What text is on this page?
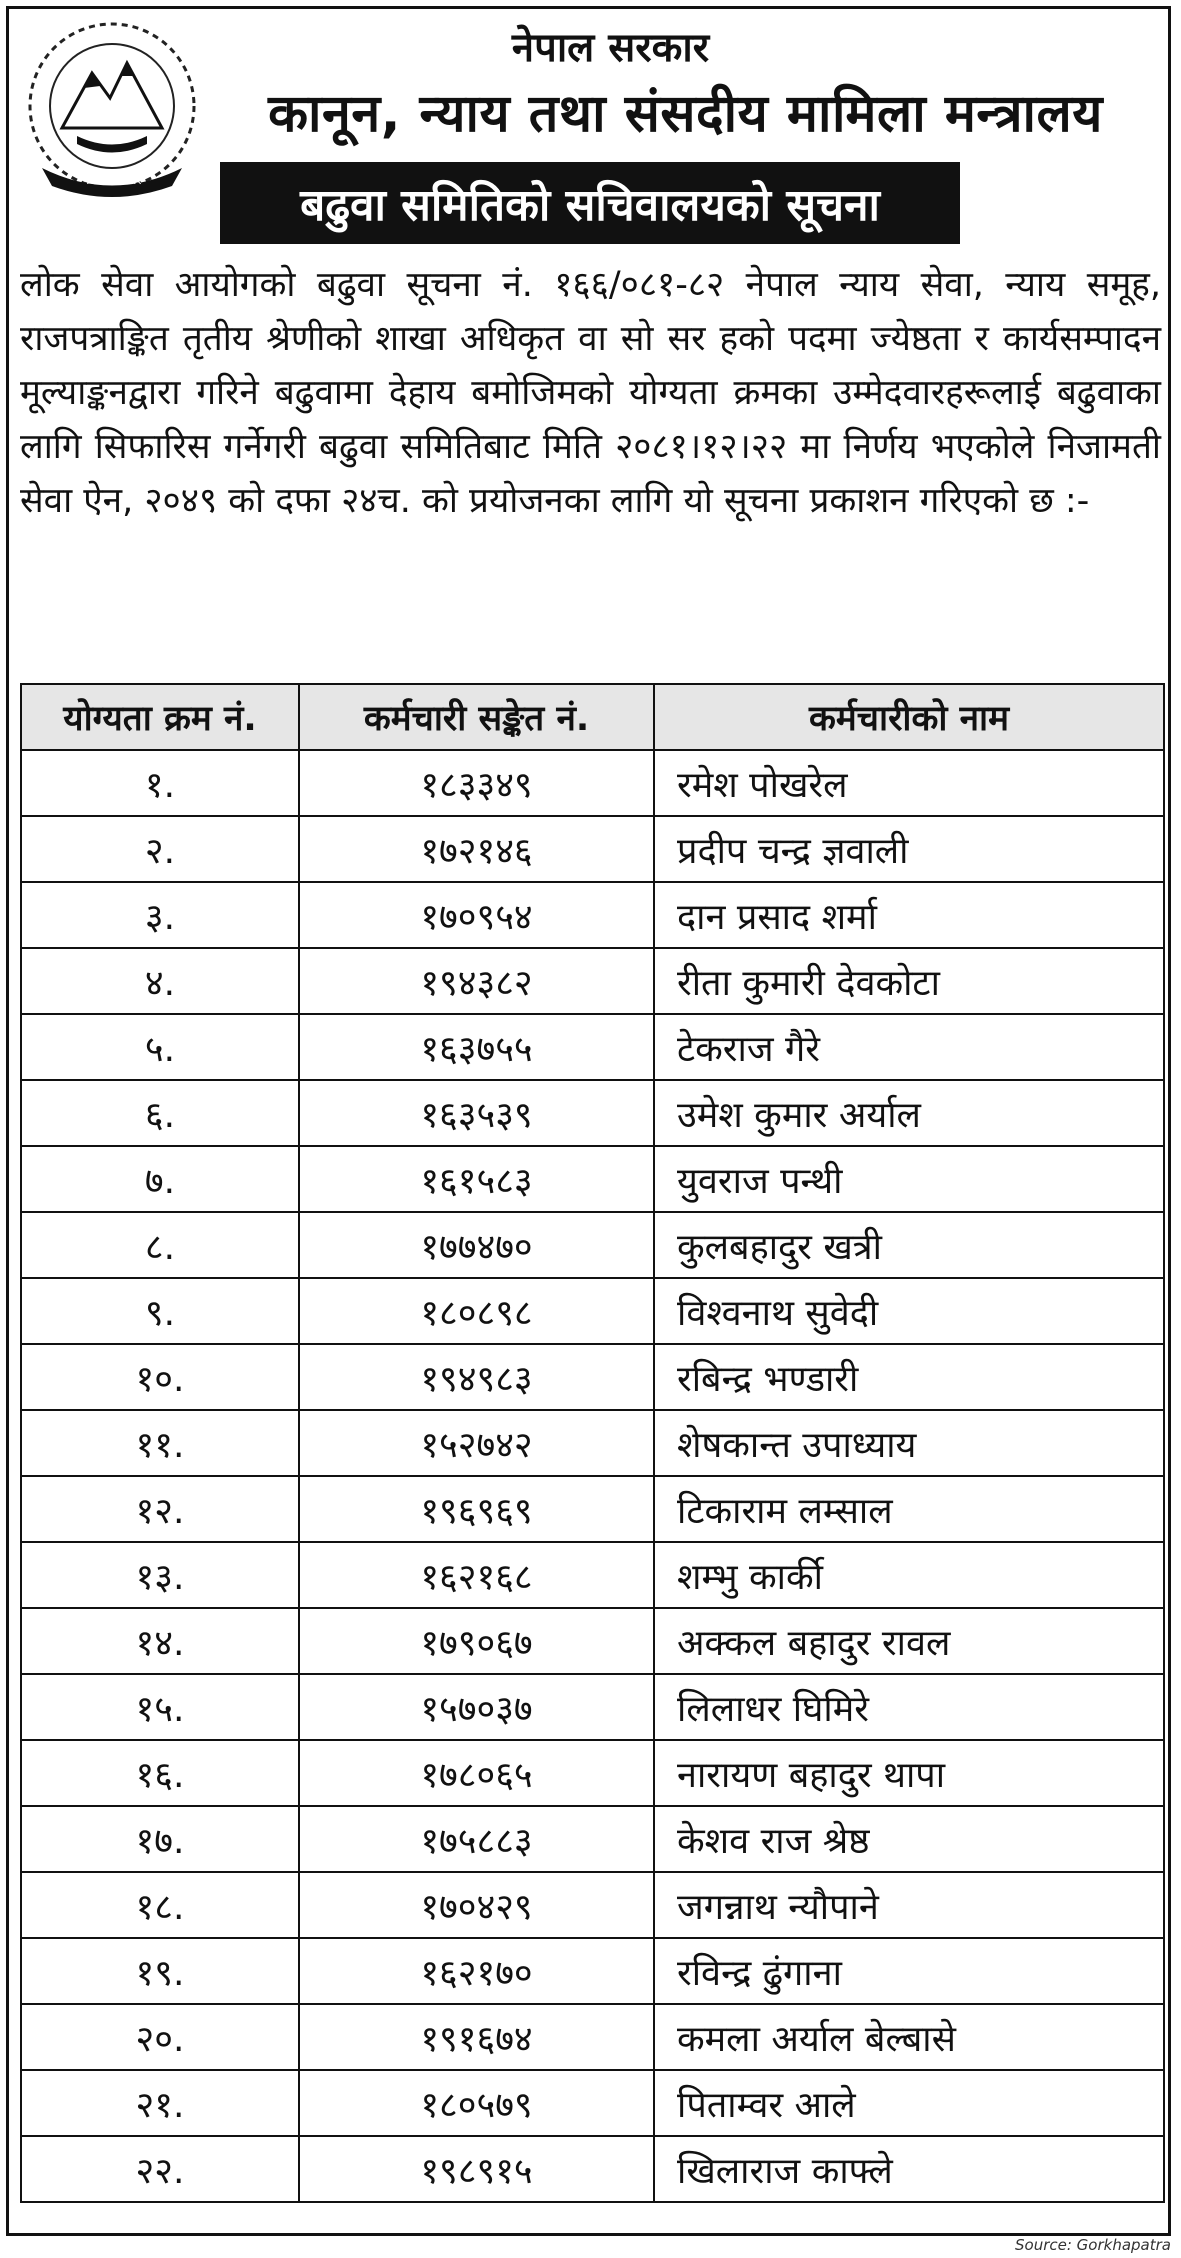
नेपाल सरकार
नेपाल सरकार
कानून, न्याय तथा संसदीय मामिला मन्त्रालय
बढुवा समितिको सचिवालयको सूचना
लोक सेवा आयोगको बढुवा सूचना नं. १६६/०८१-८२ नेपाल न्याय सेवा, न्याय समूह, राजपत्राङ्कित तृतीय श्रेणीको शाखा अधिकृत वा सो सर हको पदमा ज्येष्ठता र कार्यसम्पादन मूल्याङ्कनद्वारा गरिने बढुवामा देहाय बमोजिमको योग्यता क्रमका उम्मेदवारहरूलाई बढुवाका लागि सिफारिस गर्नेगरी बढुवा समितिबाट मिति २०८१।१२।२२ मा निर्णय भएकोले निजामती सेवा ऐन, २०४९ को दफा २४च. को प्रयोजनका लागि यो सूचना प्रकाशन गरिएको छ :-
योग्यता क्रम नं.	कर्मचारी सङ्केत नं.	कर्मचारीको नाम
१.	१८३३४९	रमेश पोखरेल
२.	१७२१४६	प्रदीप चन्द्र ज्ञवाली
३.	१७०९५४	दान प्रसाद शर्मा
४.	१९४३८२	रीता कुमारी देवकोटा
५.	१६३७५५	टेकराज गैरे
६.	१६३५३९	उमेश कुमार अर्याल
७.	१६१५८३	युवराज पन्थी
८.	१७७४७०	कुलबहादुर खत्री
९.	१८०८९८	विश्वनाथ सुवेदी
१०.	१९४९८३	रबिन्द्र भण्डारी
११.	१५२७४२	शेषकान्त उपाध्याय
१२.	१९६९६९	टिकाराम लम्साल
१३.	१६२१६८	शम्भु कार्की
१४.	१७९०६७	अक्कल बहादुर रावल
१५.	१५७०३७	लिलाधर घिमिरे
१६.	१७८०६५	नारायण बहादुर थापा
१७.	१७५८८३	केशव राज श्रेष्ठ
१८.	१७०४२९	जगन्नाथ न्यौपाने
१९.	१६२१७०	रविन्द्र ढुंगाना
२०.	१९१६७४	कमला अर्याल बेल्बासे
२१.	१८०५७९	पिताम्वर आले
२२.	१९८९१५	खिलाराज काफ्ले
Source: Gorkhapatra
